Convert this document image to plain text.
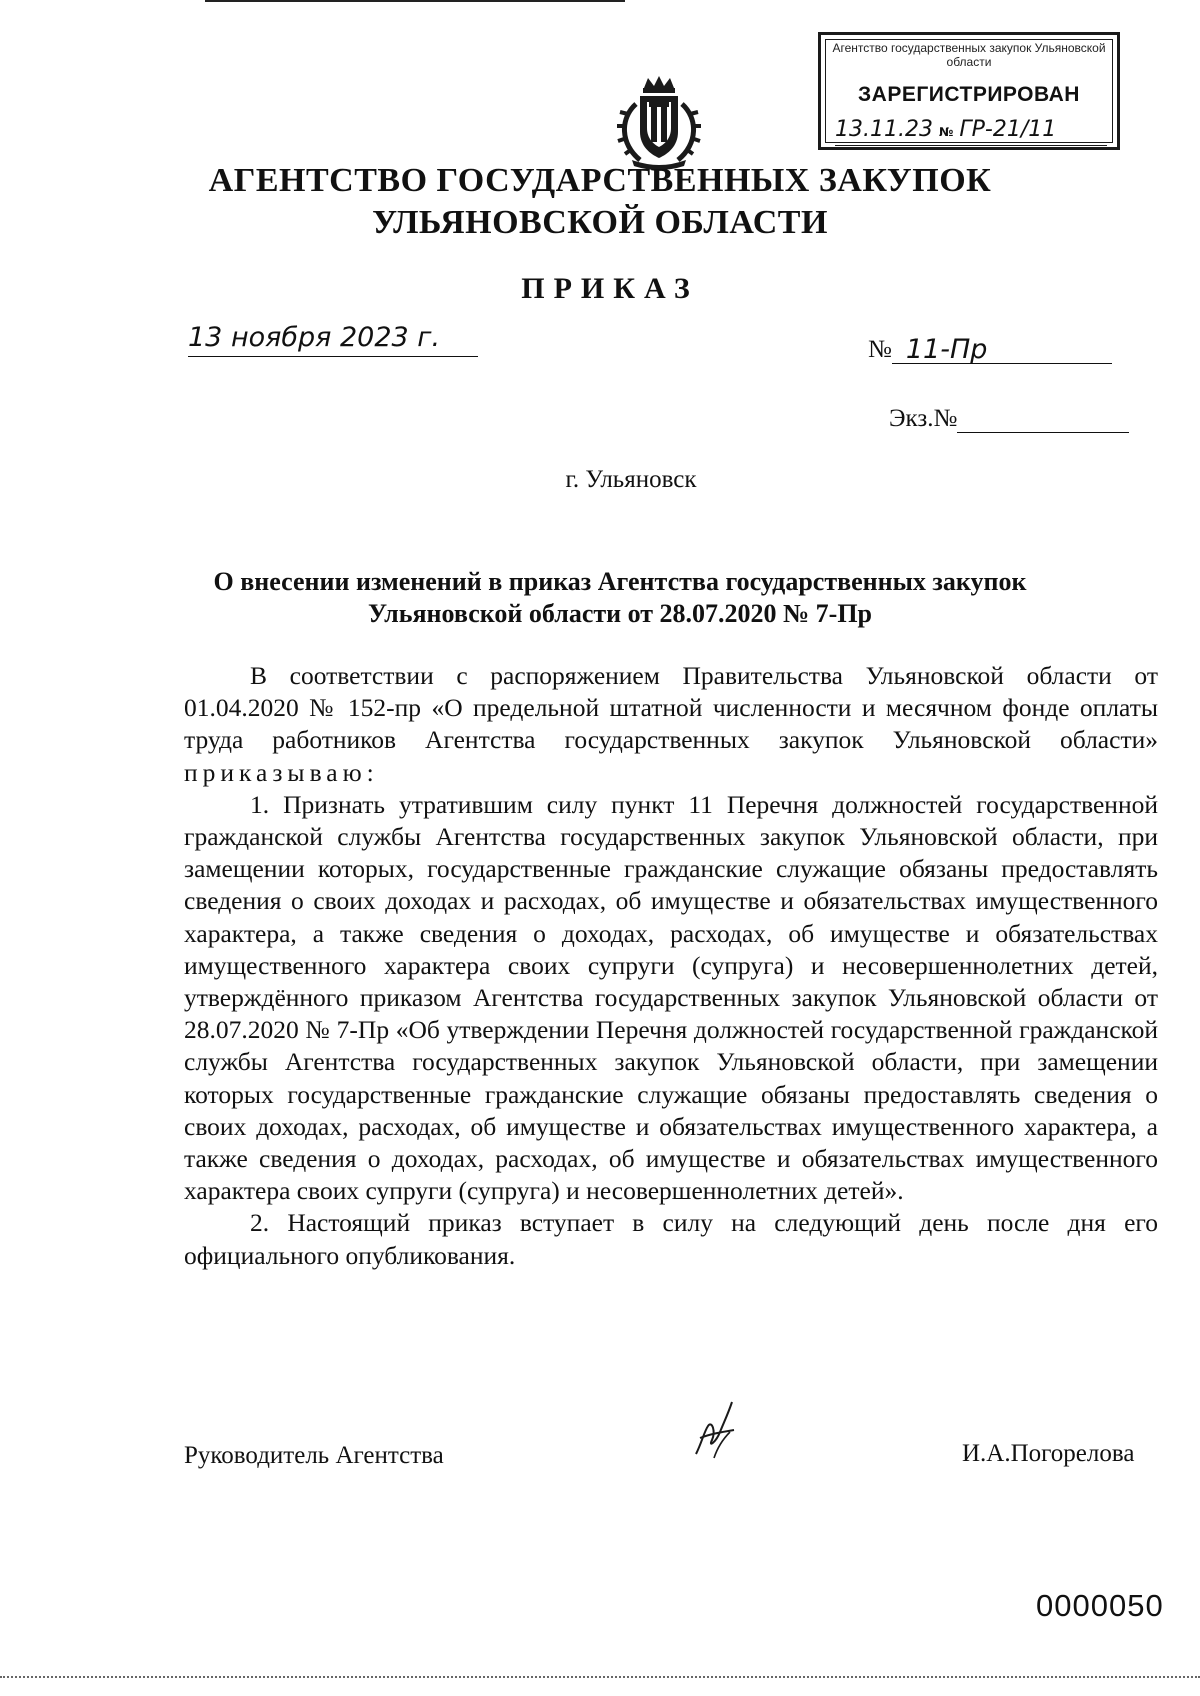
Агентство государственных закупок Ульяновской области
ЗАРЕГИСТРИРОВАН
13.11.23 № ГР-21/11
АГЕНТСТВО ГОСУДАРСТВЕННЫХ ЗАКУПОК
УЛЬЯНОВСКОЙ ОБЛАСТИ
ПРИКАЗ
13 ноября 2023 г.	№ 11-Пр
Экз.№
г. Ульяновск
О внесении изменений в приказ Агентства государственных закупок
Ульяновской области от 28.07.2020 № 7-Пр

В соответствии с распоряжением Правительства Ульяновской области от 01.04.2020 № 152-пр «О предельной штатной численности и месячном фонде оплаты труда работников Агентства государственных закупок Ульяновской области» приказываю:

1. Признать утратившим силу пункт 11 Перечня должностей государственной гражданской службы Агентства государственных закупок Ульяновской области, при замещении которых, государственные гражданские служащие обязаны предоставлять сведения о своих доходах и расходах, об имуществе и обязательствах имущественного характера, а также сведения о доходах, расходах, об имуществе и обязательствах имущественного характера своих супруги (супруга) и несовершеннолетних детей, утверждённого приказом Агентства государственных закупок Ульяновской области от 28.07.2020 № 7-Пр «Об утверждении Перечня должностей государственной гражданской службы Агентства государственных закупок Ульяновской области, при замещении которых государственные гражданские служащие обязаны предоставлять сведения о своих доходах, расходах, об имуществе и обязательствах имущественного характера, а также сведения о доходах, расходах, об имуществе и обязательствах имущественного характера своих супруги (супруга) и несовершеннолетних детей».

2. Настоящий приказ вступает в силу на следующий день после дня его официального опубликования.

Руководитель Агентства	И.А.Погорелова
0000050
